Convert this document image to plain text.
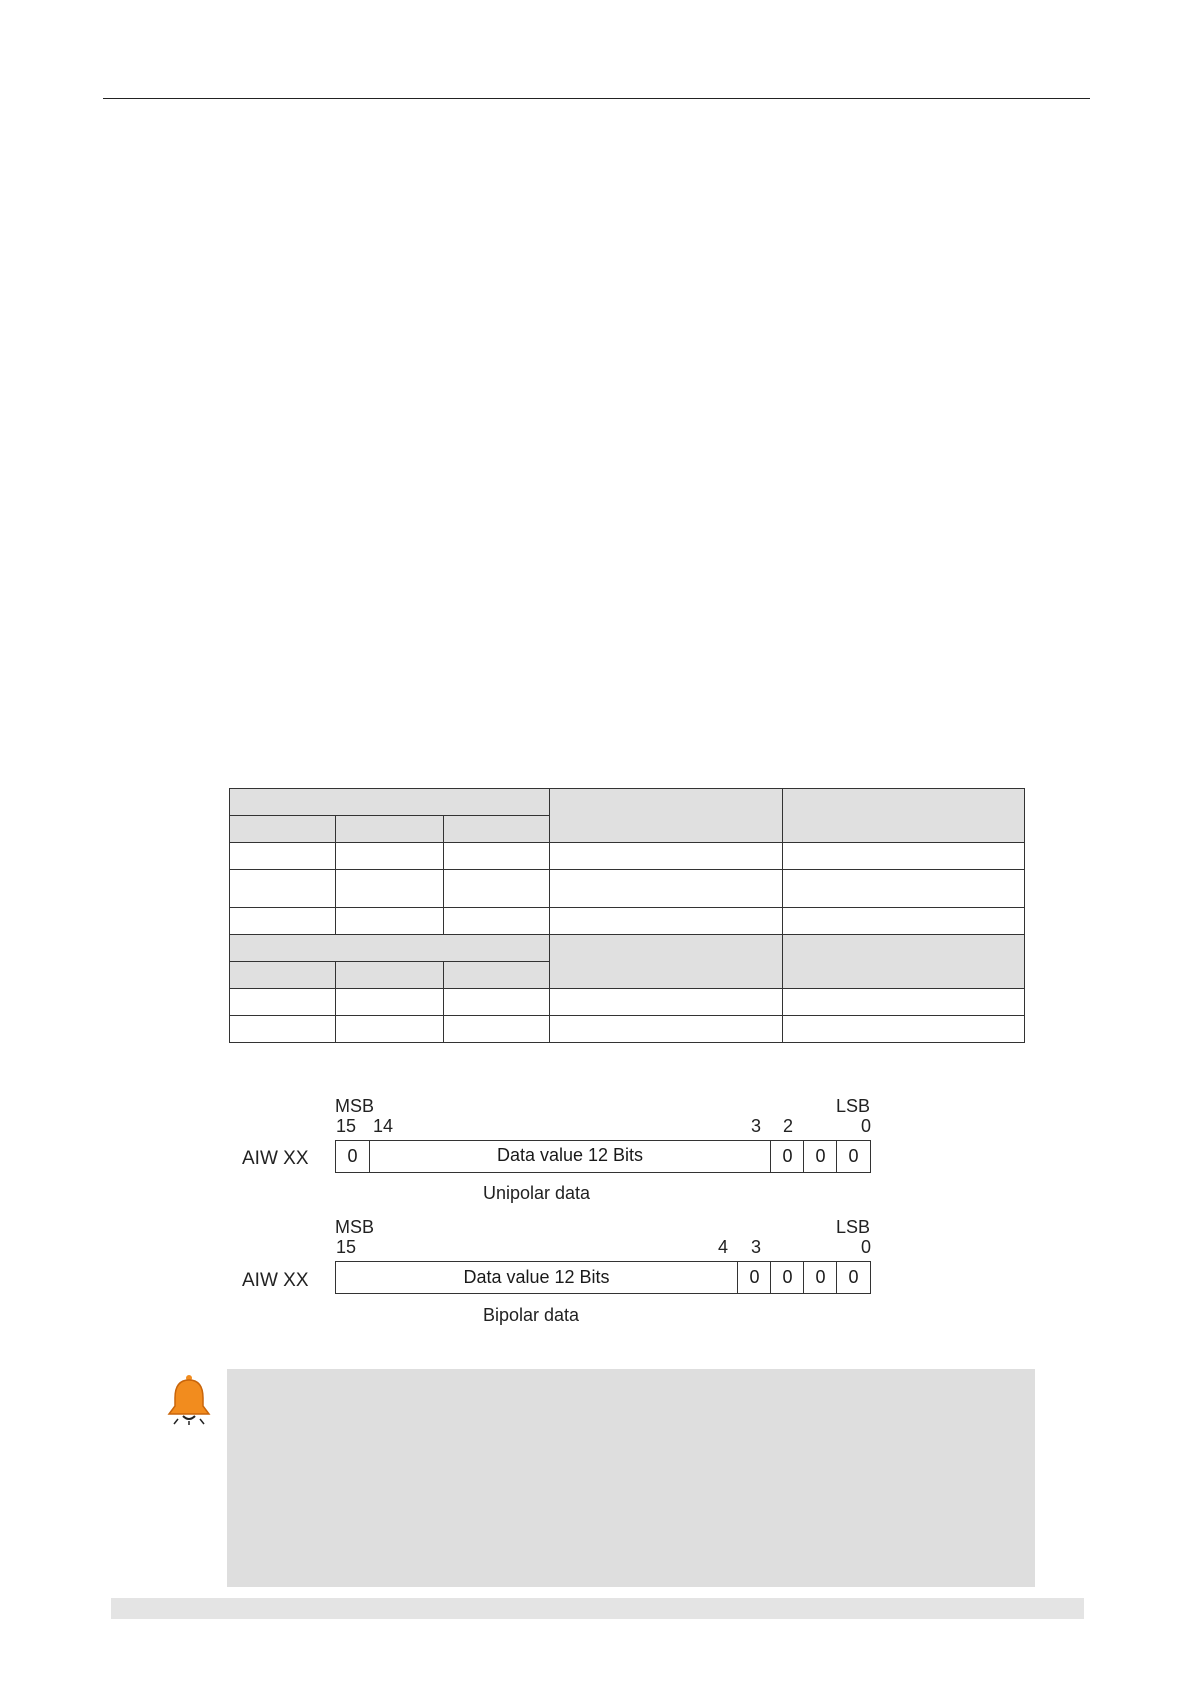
MSB	LSB
15 14	3 2	0
AIW XX	0	Data value 12 Bits	0	0	0
Unipolar data
MSB	LSB
15	4 3	0
AIW XX	Data value 12 Bits	0	0	0	0
Bipolar data
